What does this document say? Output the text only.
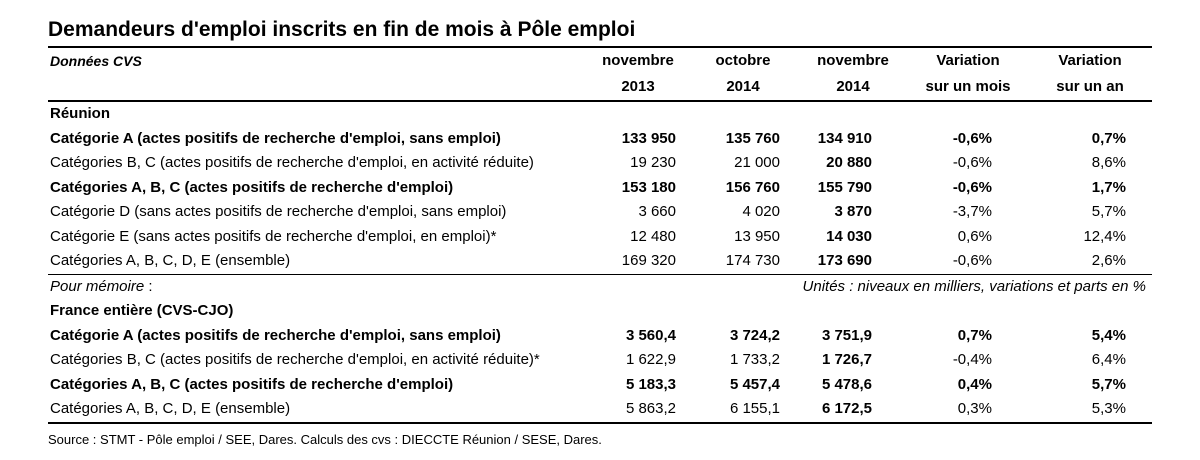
Demandeurs d'emploi inscrits en fin de mois à Pôle emploi
Données CVS	novembre	octobre	novembre	Variation	Variation
	2013	2014	2014	sur un mois	sur un an
Réunion					
Catégorie A (actes positifs de recherche d'emploi, sans emploi)	133 950	135 760	134 910	-0,6%	0,7%
Catégories B, C (actes positifs de recherche d'emploi, en activité réduite)	19 230	21 000	20 880	-0,6%	8,6%
Catégories A, B, C (actes positifs de recherche d'emploi)	153 180	156 760	155 790	-0,6%	1,7%
Catégorie D (sans actes positifs de recherche d'emploi, sans emploi)	3 660	4 020	3 870	-3,7%	5,7%
Catégorie E (sans actes positifs de recherche d'emploi, en emploi)*	12 480	13 950	14 030	0,6%	12,4%
Catégories A, B, C, D, E (ensemble)	169 320	174 730	173 690	-0,6%	2,6%
Pour mémoire :	Unités : niveaux en milliers, variations et parts en %				
France entière (CVS-CJO)					
Catégorie A (actes positifs de recherche d'emploi, sans emploi)	3 560,4	3 724,2	3 751,9	0,7%	5,4%
Catégories B, C (actes positifs de recherche d'emploi, en activité réduite)*	1 622,9	1 733,2	1 726,7	-0,4%	6,4%
Catégories A, B, C (actes positifs de recherche d'emploi)	5 183,3	5 457,4	5 478,6	0,4%	5,7%
Catégories A, B, C, D, E (ensemble)	5 863,2	6 155,1	6 172,5	0,3%	5,3%
Source : STMT - Pôle emploi / SEE, Dares. Calculs des cvs : DIECCTE Réunion / SESE, Dares.
